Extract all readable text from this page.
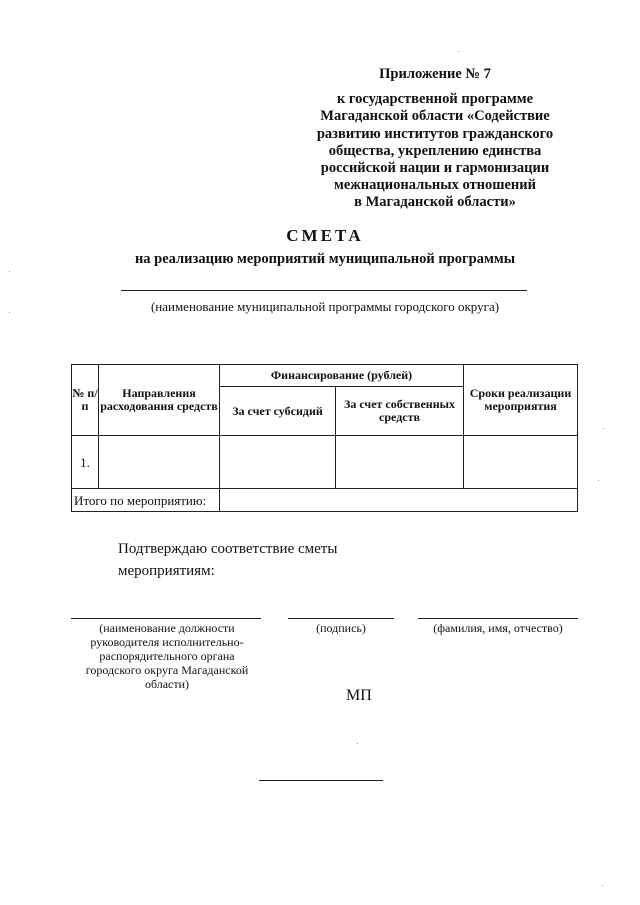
Приложение № 7
к государственной программе
Магаданской области «Содействие
развитию институтов гражданского
общества, укреплению единства
российской нации и гармонизации
межнациональных отношений
в Магаданской области»
СМЕТА
на реализацию мероприятий муниципальной программы
(наименование муниципальной программы городского округа)
№ п/п	Направления расходования средств	Финансирование (рублей)		Сроки реализации мероприятия
		За счет субсидий	За счет собственных средств	
1.				
Итого по мероприятию:				
Подтверждаю соответствие сметы
мероприятиям:
(наименование должности руководителя исполнительно-распорядительного органа городского округа Магаданской области)
(подпись)	(фамилия, имя, отчество)
МП
